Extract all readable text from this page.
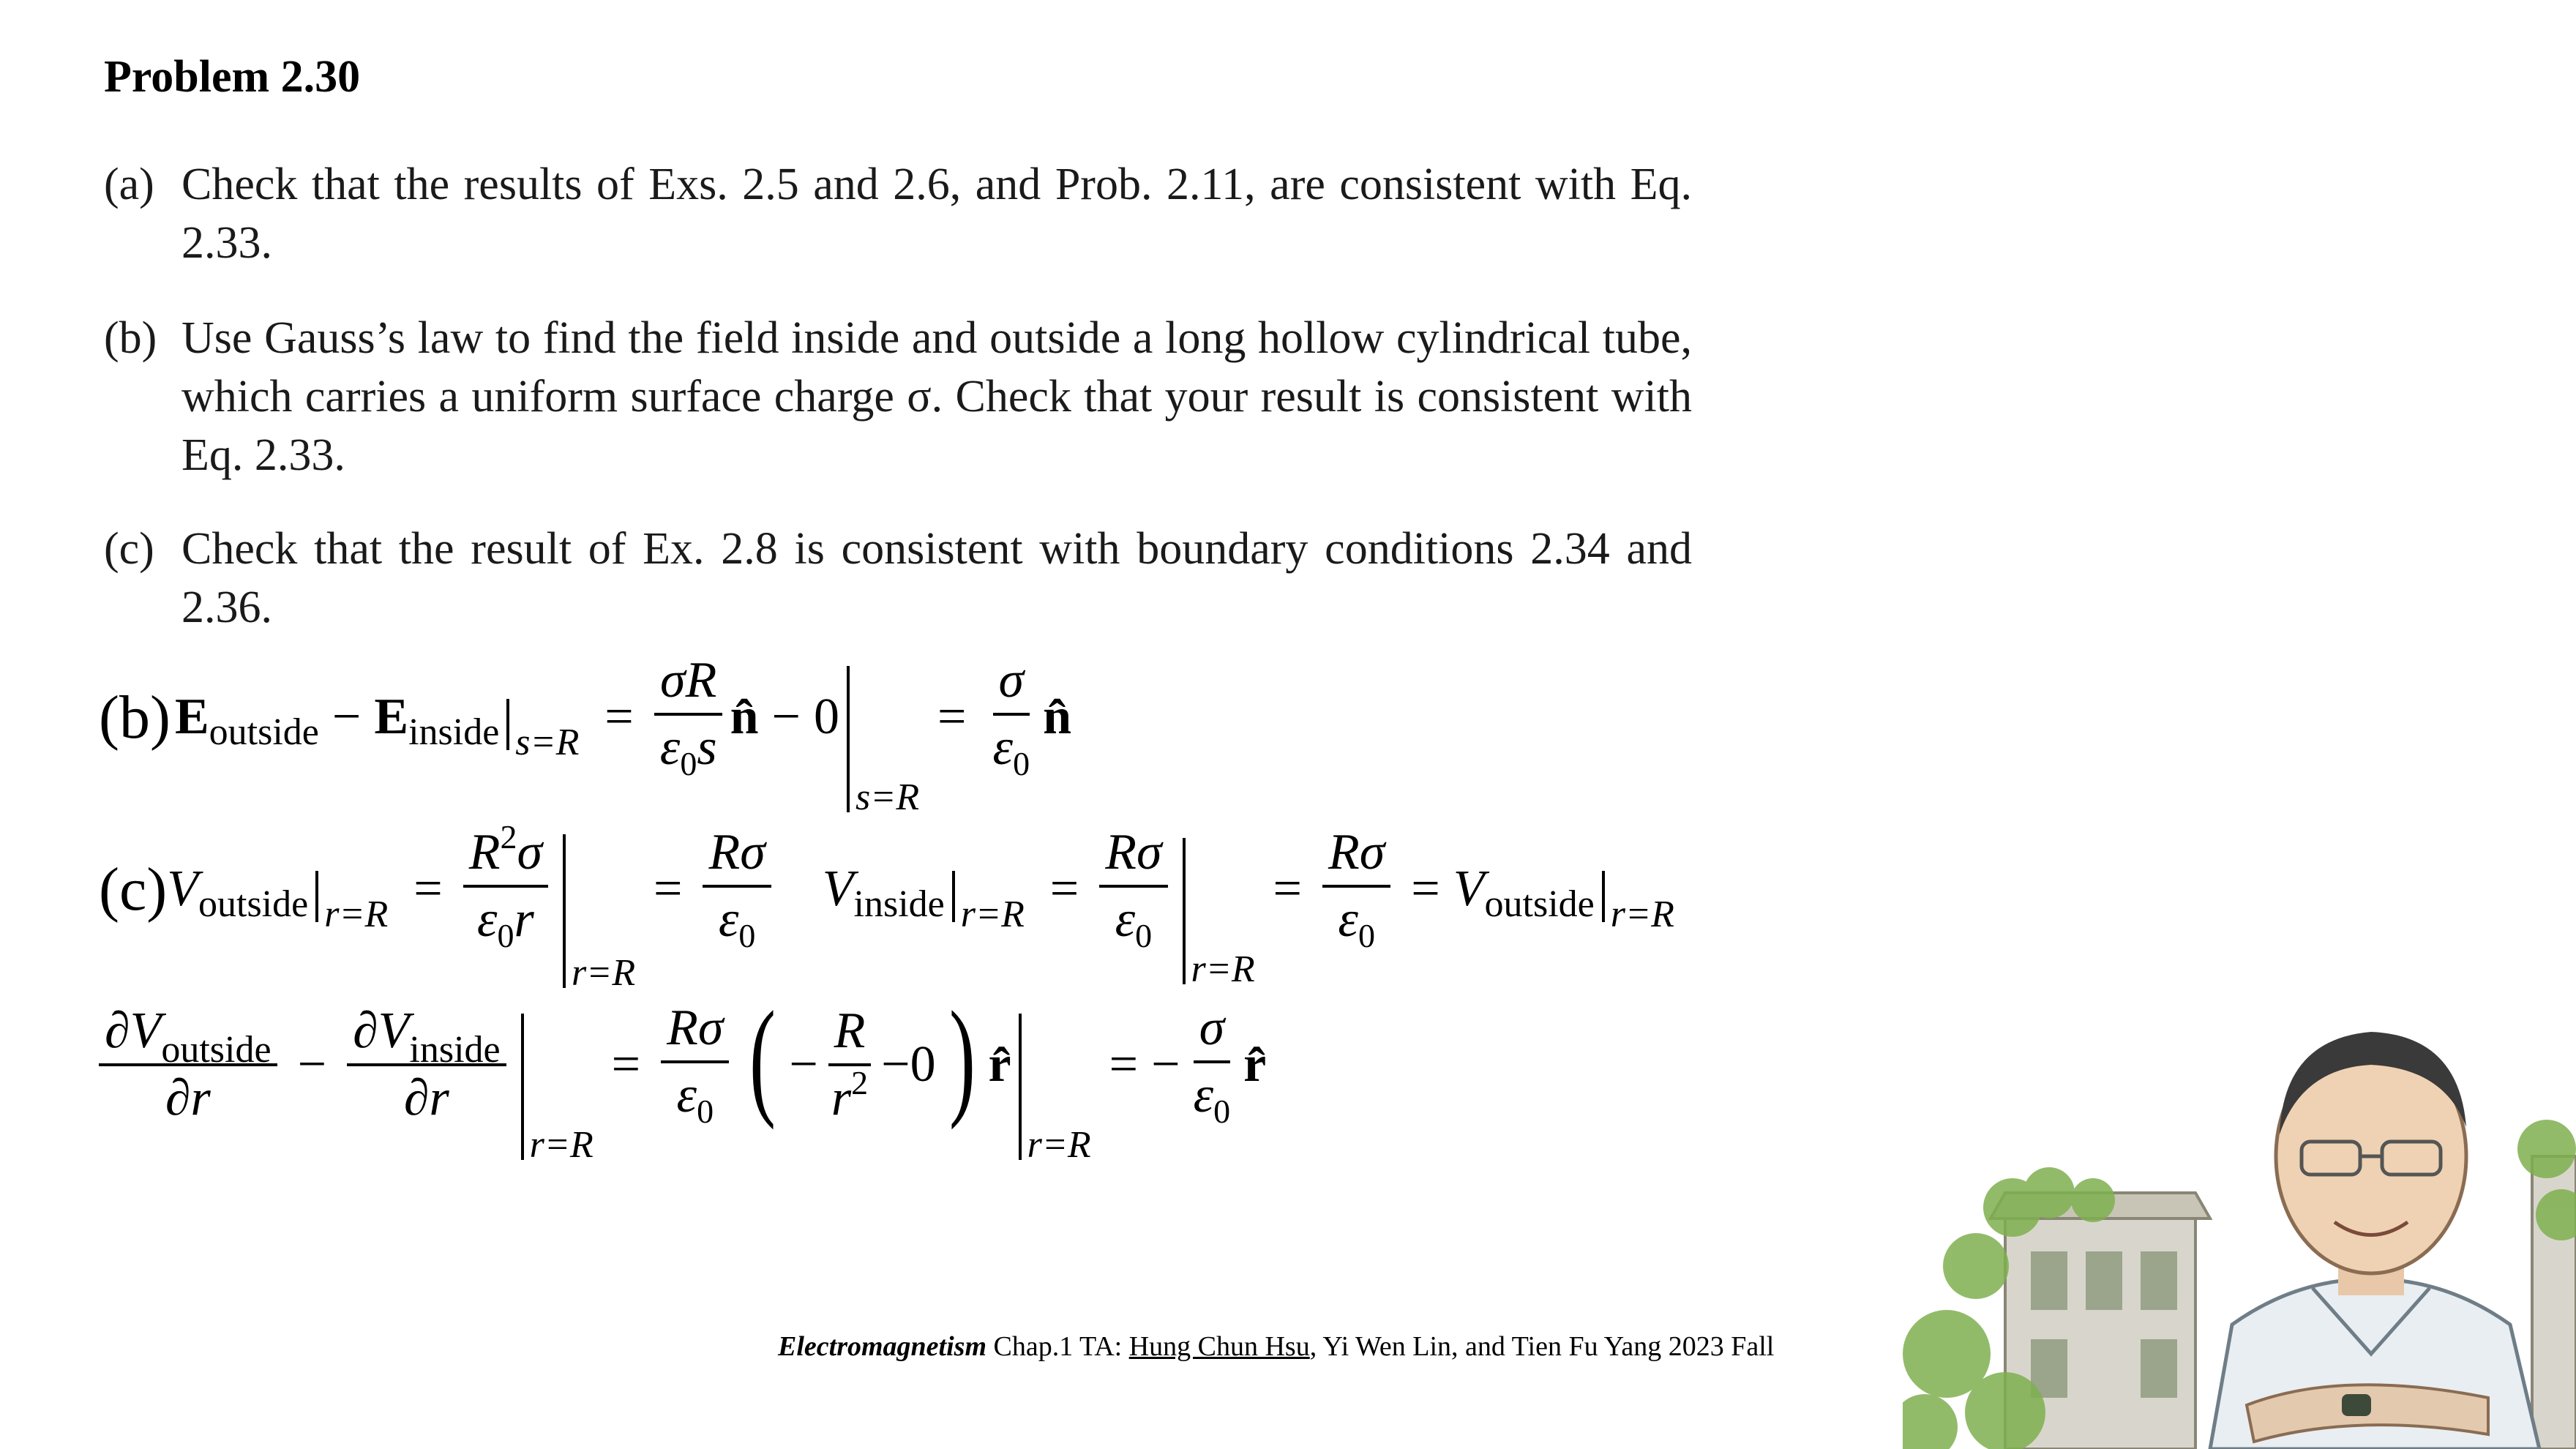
Problem 2.30
(a) Check that the results of Exs. 2.5 and 2.6, and Prob. 2.11, are consistent with Eq. 2.33.
(b) Use Gauss’s law to find the field inside and outside a long hollow cylindrical tube, which carries a uniform surface charge σ. Check that your result is consistent with Eq. 2.33.
(c) Check that the result of Ex. 2.8 is consistent with boundary conditions 2.34 and 2.36.
(b) E outside − E inside $s=R = \frac{\sigma R}{\varepsilon_0s}$ n̂ − 0
s=R
= $\frac{\sigma}{\varepsilon_0}$ n̂
(c) V outside $r=R = \frac{R^2\sigma}{\varepsilon_0r}$
r=R
= $\frac{R\sigma}{\varepsilon_0}$ V inside $r=R = \frac{R\sigma}{\varepsilon_0}$
r=R
= $\frac{R\sigma}{\varepsilon_0} = V$ outside r=R
$\frac{\partial V_{outside}}{\partial r} - \frac{\partial V_{inside}}{\partial r}$
r=R
= $\frac{R\sigma}{\varepsilon_0}$ ( − $\frac{R}{r^2} -0$ ) r̂
r=R
= − $\frac{\sigma}{\varepsilon_0}$ r̂
Electromagnetism Chap.1 TA: Hung Chun Hsu, Yi Wen Lin, and Tien Fu Yang 2023 Fall
